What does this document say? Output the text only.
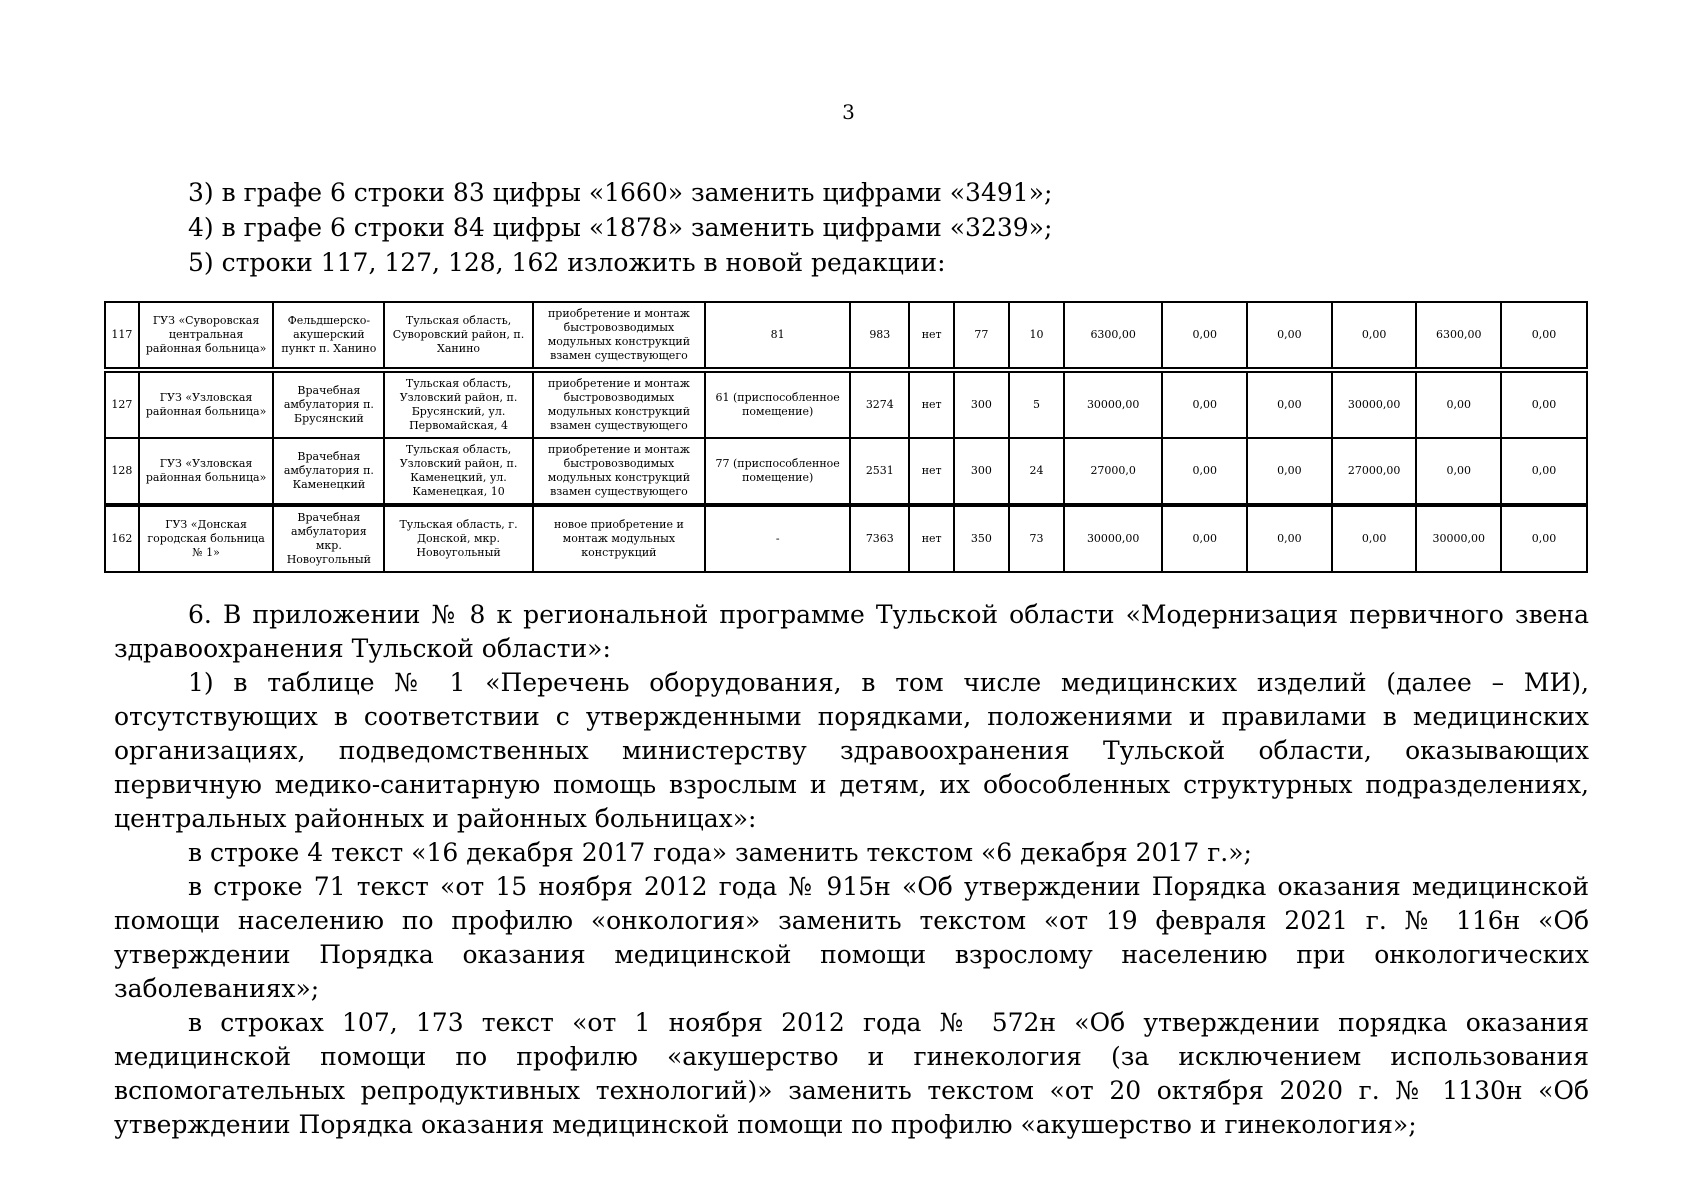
3
3) в графе 6 строки 83 цифры «1660» заменить цифрами «3491»;
4) в графе 6 строки 84 цифры «1878» заменить цифрами «3239»;
5) строки 117, 127, 128, 162 изложить в новой редакции:
117	ГУЗ «Суворовская центральная районная больница»	Фельдшерско-акушерский пункт п. Ханино	Тульская область, Суворовский район, п. Ханино	приобретение и монтаж быстровозводимых модульных конструкций взамен существующего	81	983	нет	77	10	6300,00	0,00	0,00	0,00	6300,00	0,00
127	ГУЗ «Узловская районная больница»	Врачебная амбулатория п. Брусянский	Тульская область, Узловский район, п. Брусянский, ул. Первомайская, 4	приобретение и монтаж быстровозводимых модульных конструкций взамен существующего	61 (приспособленное помещение)	3274	нет	300	5	30000,00	0,00	0,00	30000,00	0,00	0,00
128	ГУЗ «Узловская районная больница»	Врачебная амбулатория п. Каменецкий	Тульская область, Узловский район, п. Каменецкий, ул. Каменецкая, 10	приобретение и монтаж быстровозводимых модульных конструкций взамен существующего	77 (приспособленное помещение)	2531	нет	300	24	27000,0	0,00	0,00	27000,00	0,00	0,00
162	ГУЗ «Донская городская больница № 1»	Врачебная амбулатория мкр. Новоугольный	Тульская область, г. Донской, мкр. Новоугольный	новое приобретение и монтаж модульных конструкций	-	7363	нет	350	73	30000,00	0,00	0,00	0,00	30000,00	0,00
6. В приложении № 8 к региональной программе Тульской области «Модернизация первичного звена здравоохранения Тульской области»:
1) в таблице № 1 «Перечень оборудования, в том числе медицинских изделий (далее – МИ), отсутствующих в соответствии с утвержденными порядками, положениями и правилами в медицинских организациях, подведомственных министерству здравоохранения Тульской области, оказывающих первичную медико-санитарную помощь взрослым и детям, их обособленных структурных подразделениях, центральных районных и районных больницах»:
в строке 4 текст «16 декабря 2017 года» заменить текстом «6 декабря 2017 г.»;
в строке 71 текст «от 15 ноября 2012 года № 915н «Об утверждении Порядка оказания медицинской помощи населению по профилю «онкология» заменить текстом «от 19 февраля 2021 г. № 116н «Об утверждении Порядка оказания медицинской помощи взрослому населению при онкологических заболеваниях»;
в строках 107, 173 текст «от 1 ноября 2012 года № 572н «Об утверждении порядка оказания медицинской помощи по профилю «акушерство и гинекология (за исключением использования вспомогательных репродуктивных технологий)» заменить текстом «от 20 октября 2020 г. № 1130н «Об утверждении Порядка оказания медицинской помощи по профилю «акушерство и гинекология»;
